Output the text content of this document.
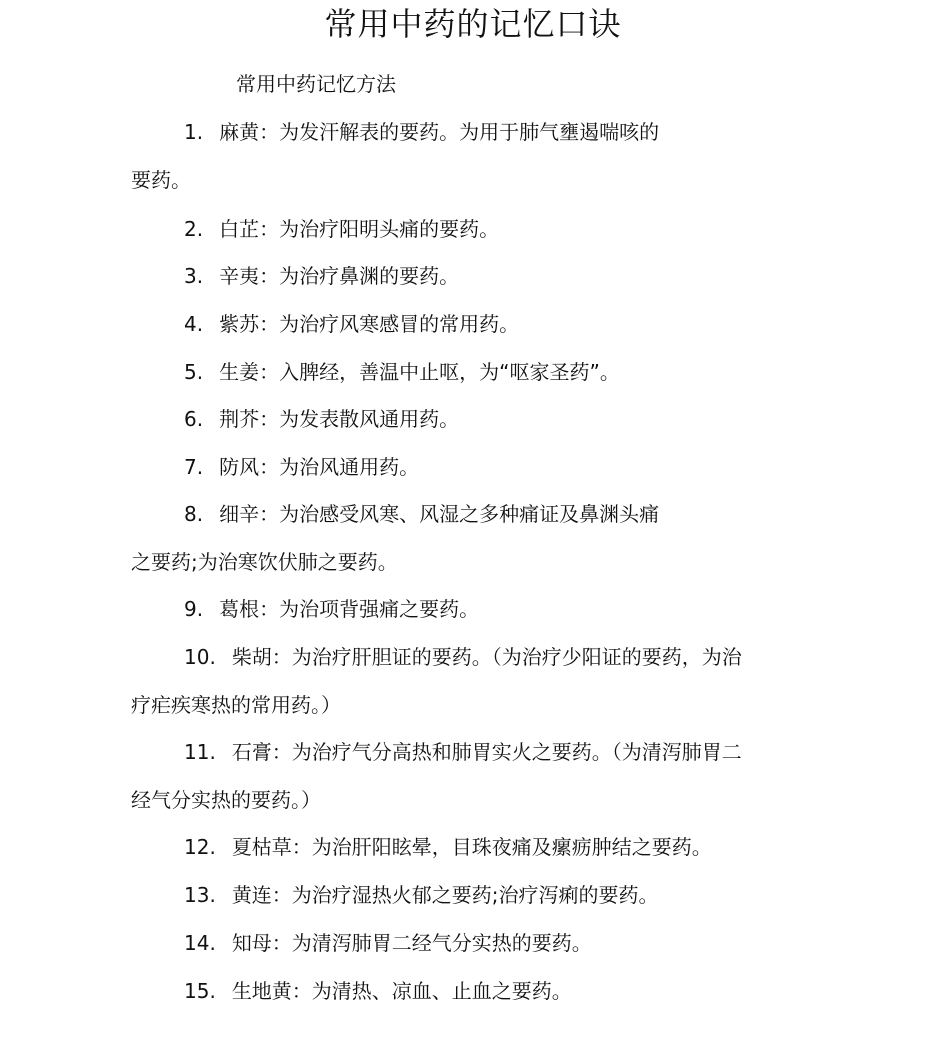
常用中药的记忆口诀

常用中药记忆方法

1. 麻黄：为发汗解表的要药。为用于肺气壅遏喘咳的

要药。

2. 白芷：为治疗阳明头痛的要药。

3. 辛夷：为治疗鼻渊的要药。

4. 紫苏：为治疗风寒感冒的常用药。

5. 生姜：入脾经，善温中止呕，为“呕家圣药”。

6. 荆芥：为发表散风通用药。

7. 防风：为治风通用药。

8. 细辛：为治感受风寒、风湿之多种痛证及鼻渊头痛

之要药;为治寒饮伏肺之要药。

9. 葛根：为治项背强痛之要药。

10. 柴胡：为治疗肝胆证的要药。（为治疗少阳证的要药，为治

疗疟疾寒热的常用药。）

11. 石膏：为治疗气分高热和肺胃实火之要药。（为清泻肺胃二

经气分实热的要药。）

12. 夏枯草：为治肝阳眩晕，目珠夜痛及瘰疬肿结之要药。

13. 黄连：为治疗湿热火郁之要药;治疗泻痢的要药。

14. 知母：为清泻肺胃二经气分实热的要药。

15. 生地黄：为清热、凉血、止血之要药。
